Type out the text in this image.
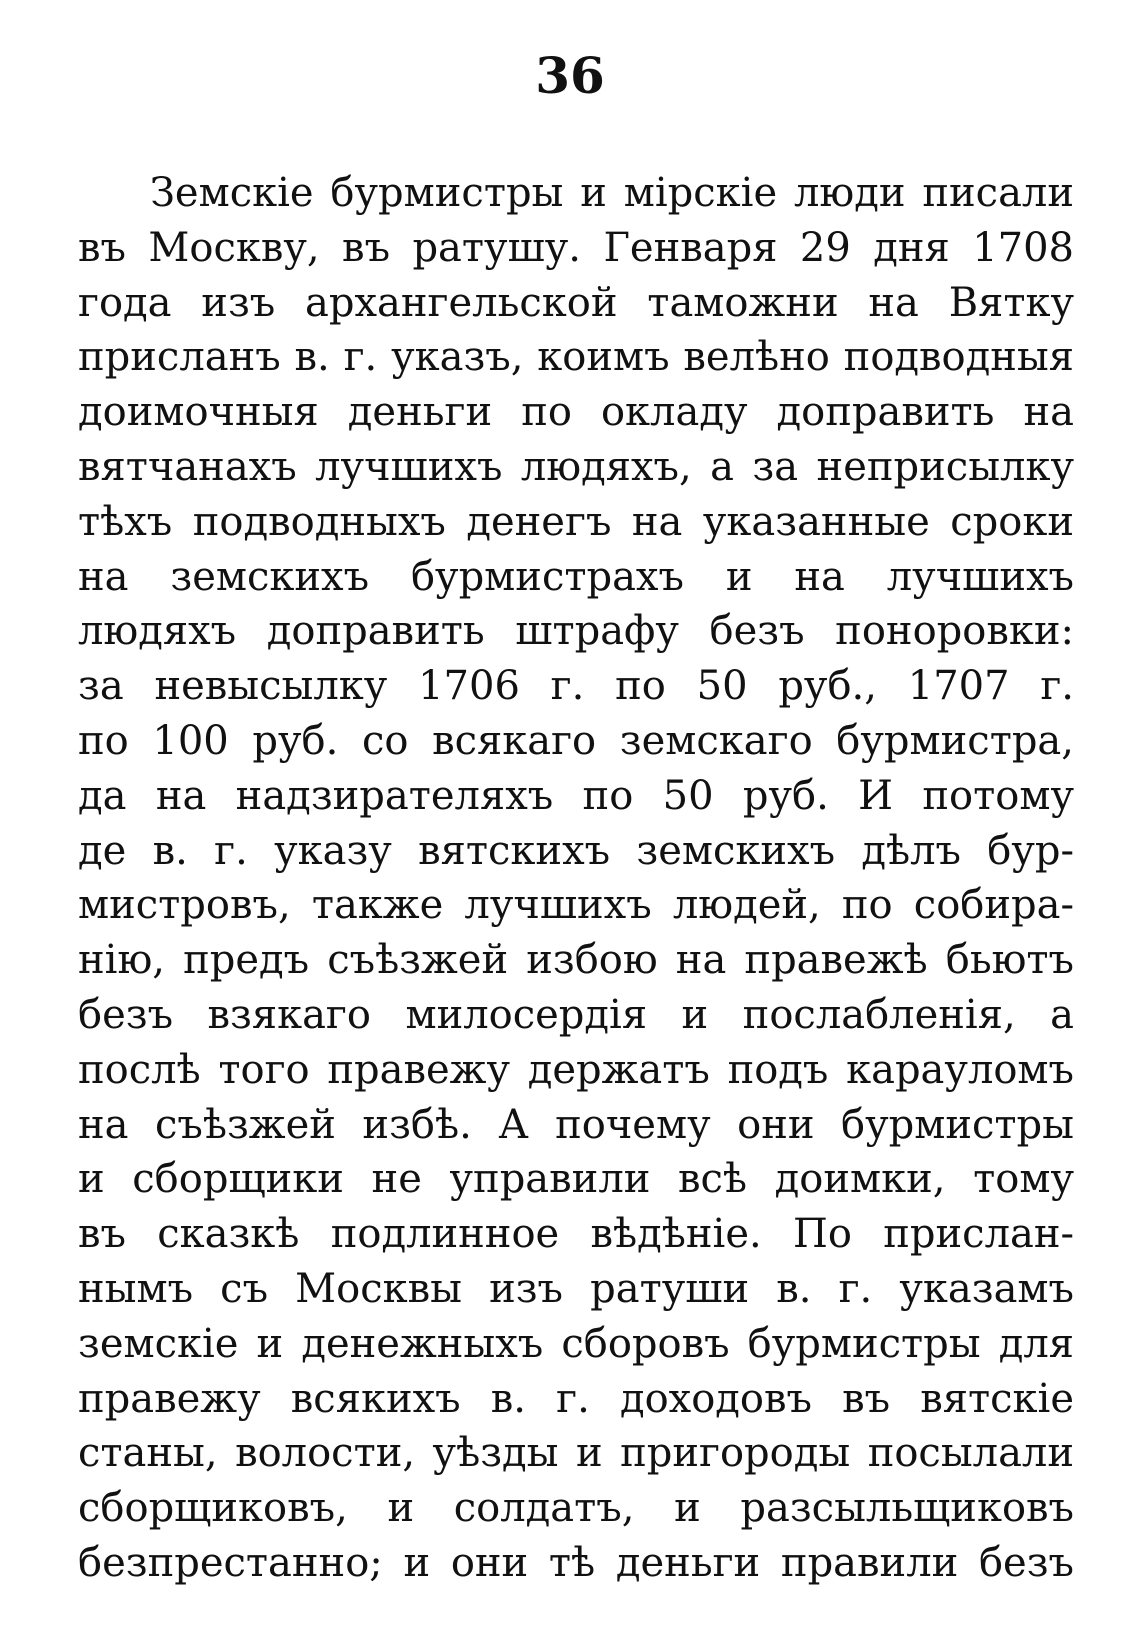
36
Земскіе бурмистры и мірскіе люди писали
въ Москву, въ ратушу. Генваря 29 дня 1708
года изъ архангельской таможни на Вятку
присланъ в. г. указъ, коимъ велѣно подводныя
доимочныя деньги по окладу доправить на
вятчанахъ лучшихъ людяхъ, а за неприсылку
тѣхъ подводныхъ денегъ на указанные сроки
на земскихъ бурмистрахъ и на лучшихъ
людяхъ доправить штрафу безъ поноровки:
за невысылку 1706 г. по 50 руб., 1707 г.
по 100 руб. со всякаго земскаго бурмистра,
да на надзирателяхъ по 50 руб. И потому
де в. г. указу вятскихъ земскихъ дѣлъ бур-
мистровъ, также лучшихъ людей, по собира-
нію, предъ съѣзжей избою на правежѣ бьютъ
безъ взякаго милосердія и послабленія, а
послѣ того правежу держатъ подъ карауломъ
на съѣзжей избѣ. А почему они бурмистры
и сборщики не управили всѣ доимки, тому
въ сказкѣ подлинное вѣдѣніе. По прислан-
нымъ съ Москвы изъ ратуши в. г. указамъ
земскіе и денежныхъ сборовъ бурмистры для
правежу всякихъ в. г. доходовъ въ вятскіе
станы, волости, уѣзды и пригороды посылали
сборщиковъ, и солдатъ, и разсыльщиковъ
безпрестанно; и они тѣ деньги правили безъ
